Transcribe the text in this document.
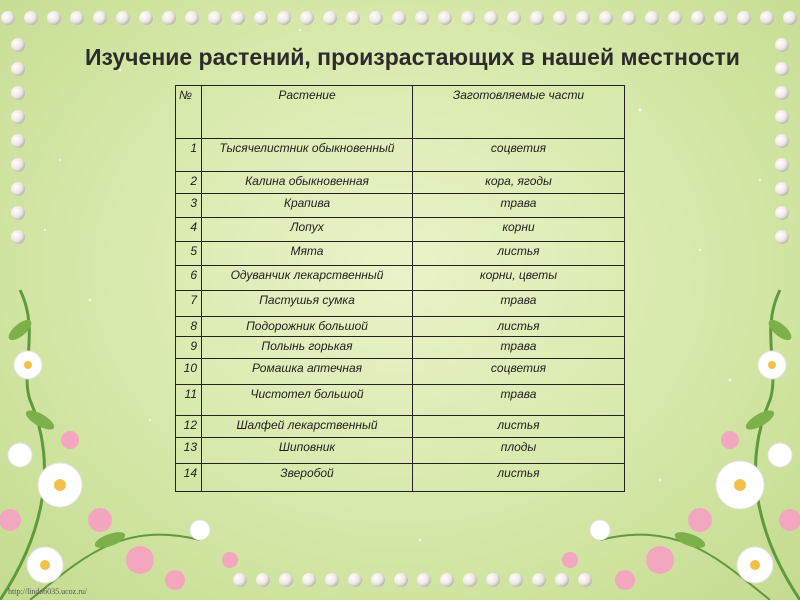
Изучение растений, произрастающих в нашей местности
№	Растение	Заготовляемые части
1	Тысячелистник обыкновенный	соцветия
2	Калина обыкновенная	кора, ягоды
3	Крапива	трава
4	Лопух	корни
5	Мята	листья
6	Одуванчик лекарственный	корни, цветы
7	Пастушья сумка	трава
8	Подорожник большой	листья
9	Полынь горькая	трава
10	Ромашка аптечная	соцветия
11	Чистотел большой	трава
12	Шалфей лекарственный	листья
13	Шиповник	плоды
14	Зверобой	листья
http://linda6035.ucoz.ru/
